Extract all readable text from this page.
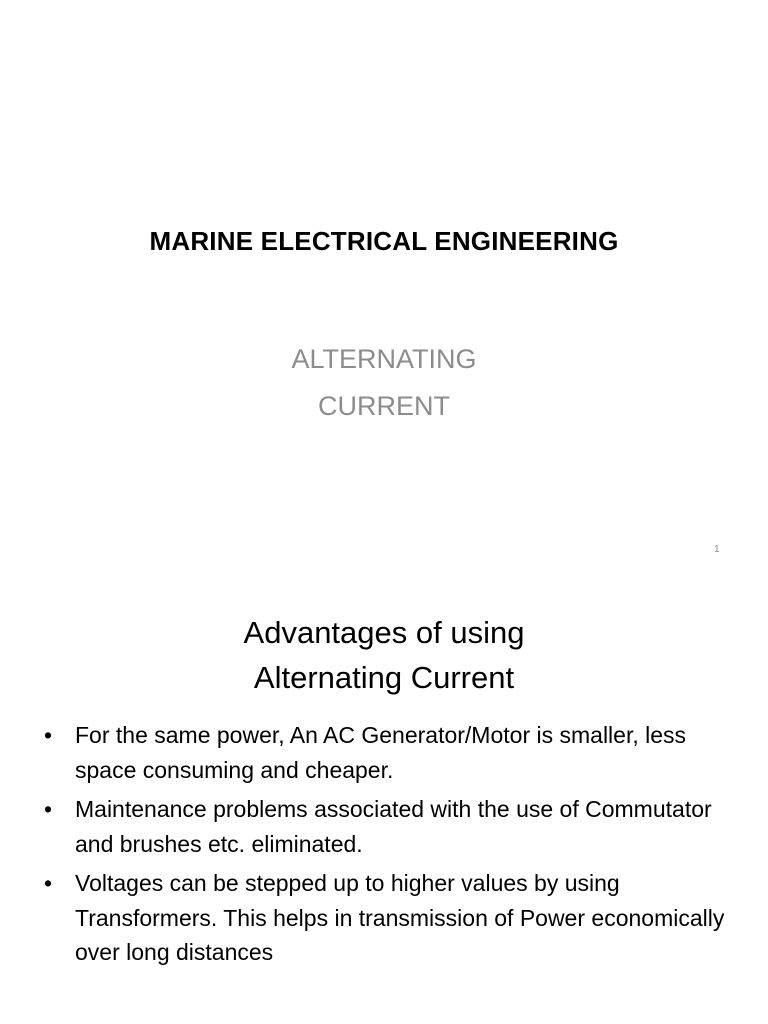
MARINE ELECTRICAL ENGINEERING
ALTERNATING
CURRENT
1
Advantages of using
Alternating Current
• For the same power, An AC Generator/Motor is smaller, less space consuming and cheaper.
• Maintenance problems associated with the use of Commutator and brushes etc. eliminated.
• Voltages can be stepped up to higher values by using Transformers. This helps in transmission of Power economically over long distances
